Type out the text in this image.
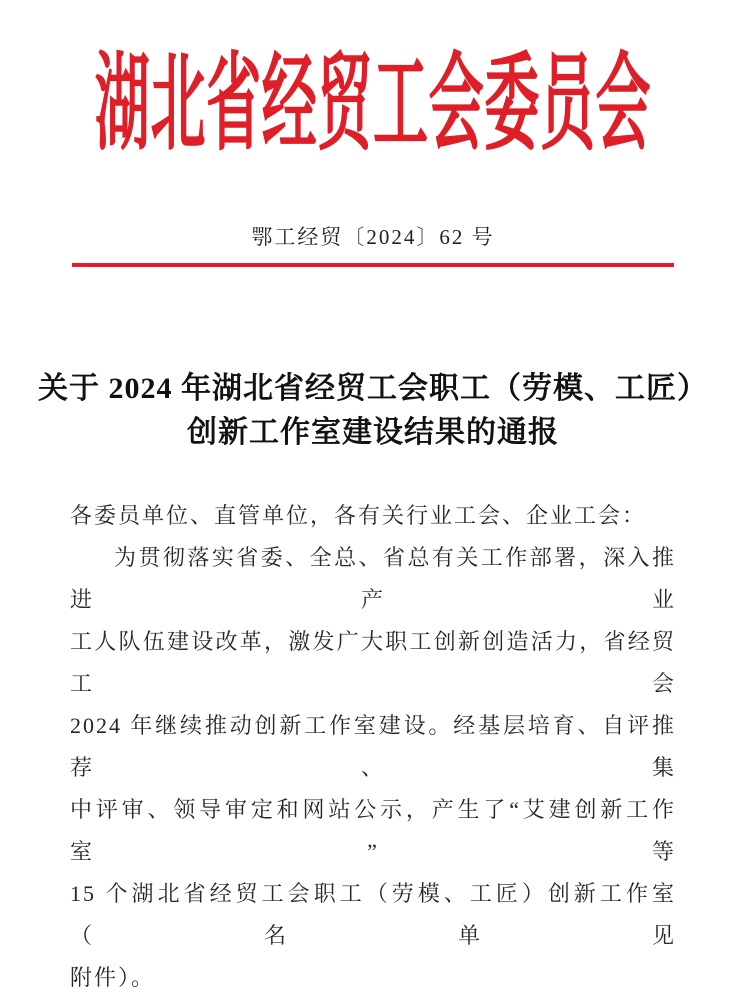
湖北省经贸工会委员会
鄂工经贸〔2024〕62 号
关于 2024 年湖北省经贸工会职工（劳模、工匠）
创新工作室建设结果的通报
各委员单位、直管单位，各有关行业工会、企业工会：
为贯彻落实省委、全总、省总有关工作部署，深入推进产业
工人队伍建设改革，激发广大职工创新创造活力，省经贸工会
2024 年继续推动创新工作室建设。经基层培育、自评推荐、集
中评审、领导审定和网站公示，产生了“艾建创新工作室”等
15 个湖北省经贸工会职工（劳模、工匠）创新工作室（名单见
附件）。
